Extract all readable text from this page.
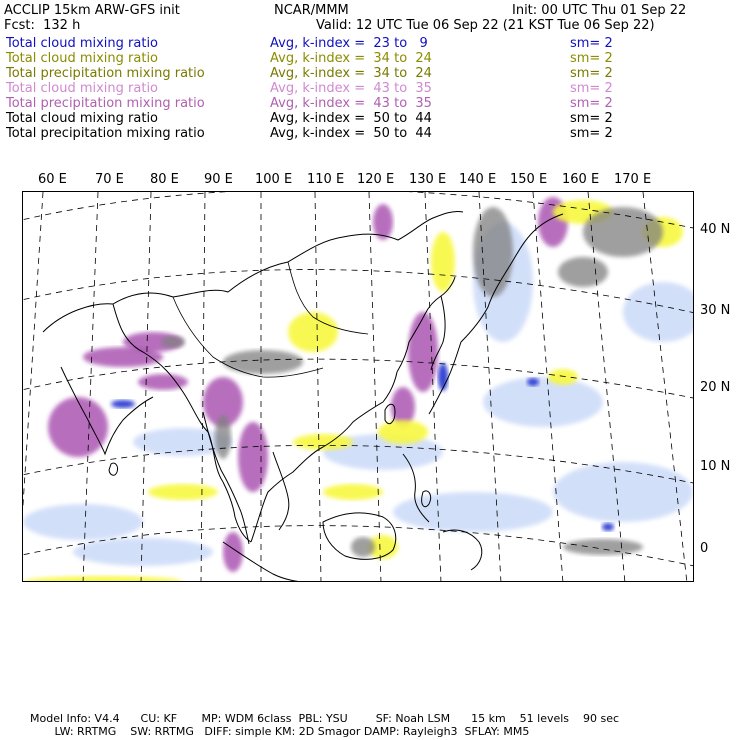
ACCLIP 15km ARW-GFS init	NCAR/MMM	Init: 00 UTC Thu 01 Sep 22
Fcst:  132 h	Valid: 12 UTC Tue 06 Sep 22 (21 KST Tue 06 Sep 22)
Total cloud mixing ratio	Avg, k-index =  23 to   9	sm= 2
Total cloud mixing ratio	Avg, k-index =  34 to  24	sm= 2
Total precipitation mixing ratio	Avg, k-index =  34 to  24	sm= 2
Total cloud mixing ratio	Avg, k-index =  43 to  35	sm= 2
Total precipitation mixing ratio	Avg, k-index =  43 to  35	sm= 2
Total cloud mixing ratio	Avg, k-index =  50 to  44	sm= 2
Total precipitation mixing ratio	Avg, k-index =  50 to  44	sm= 2
60 E 70 E 80 E 90 E 100 E 110 E 120 E 130 E 140 E 150 E 160 E 170 E
40 N
30 N
20 N
10 N
0
Model Info: V4.4      CU: KF       MP: WDM 6class  PBL: YSU        SF: Noah LSM      15 km    51 levels    90 sec
LW: RRTMG    SW: RRTMG   DIFF: simple KM: 2D Smagor DAMP: Rayleigh3  SFLAY: MM5
